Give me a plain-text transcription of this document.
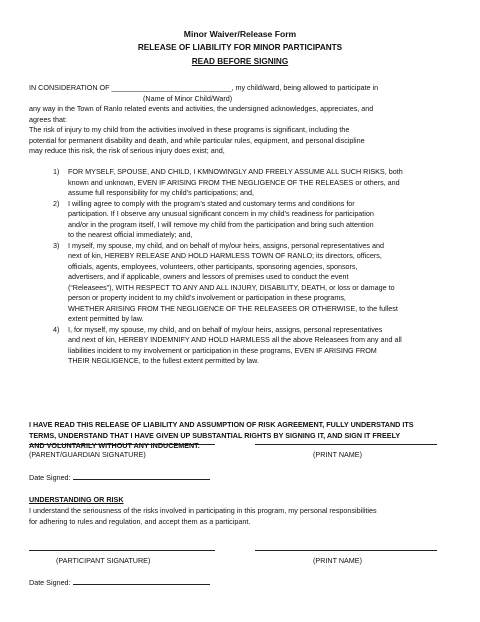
Minor Waiver/Release Form
RELEASE OF LIABILITY FOR MINOR PARTICIPANTS
READ BEFORE SIGNING
IN CONSIDERATION OF ______________________________, my child/ward, being allowed to participate in
(Name of Minor Child/Ward)
any way in the Town of Ranlo related events and activities, the undersigned acknowledges, appreciates, and
agrees that:
The risk of injury to my child from the activities involved in these programs is significant, including the
potential for permanent disability and death, and while particular rules, equipment, and personal discipline
may reduce this risk, the risk of serious injury does exist; and,
1) FOR MYSELF, SPOUSE, AND CHILD, I KMNOWINGLY AND FREELY ASSUME ALL SUCH RISKS, both
known and unknown, EVEN IF ARISING FROM THE NEGLIGENCE OF THE RELEASES or others, and
assume full responsibility for my child’s participations; and,
2) I willing agree to comply with the program’s stated and customary terms and conditions for
participation. If I observe any unusual significant concern in my child’s readiness for participation
and/or in the program itself, I will remove my child from the participation and bring such attention
to the nearest official immediately; and,
3) I myself, my spouse, my child, and on behalf of my/our heirs, assigns, personal representatives and
next of kin, HEREBY RELEASE AND HOLD HARMLESS TOWN OF RANLO; its directors, officers,
officials, agents, employees, volunteers, other participants, sponsoring agencies, sponsors,
advertisers, and if applicable, owners and lessors of premises used to conduct the event
(“Releasees”), WITH RESPECT TO ANY AND ALL INJURY, DISABILITY, DEATH, or loss or damage to
person or property incident to my child’s involvement or participation in these programs,
WHETHER ARISING FROM THE NEGLIGENCE OF THE RELEASEES OR OTHERWISE, to the fullest
extent permitted by law.
4) I, for myself, my spouse, my child, and on behalf of my/our heirs, assigns, personal representatives
and next of kin, HEREBY INDEMNIFY AND HOLD HARMLESS all the above Releasees from any and all
liabilities incident to my involvement or participation in these programs, EVEN IF ARISING FROM
THEIR NEGLIGENCE, to the fullest extent permitted by law.
I HAVE READ THIS RELEASE OF LIABILITY AND ASSUMPTION OF RISK AGREEMENT, FULLY UNDERSTAND ITS
TERMS, UNDERSTAND THAT I HAVE GIVEN UP SUBSTANTIAL RIGHTS BY SIGNING IT, AND SIGN IT FREELY
AND VOLUNTARILY WITHOUT ANY INDUCEMENT.
(PARENT/GUARDIAN SIGNATURE)	(PRINT NAME)
Date Signed:
UNDERSTANDING OR RISK
I understand the seriousness of the risks involved in participating in this program, my personal responsibilities
for adhering to rules and regulation, and accept them as a participant.
(PARTICIPANT SIGNATURE)	(PRINT NAME)
Date Signed:
